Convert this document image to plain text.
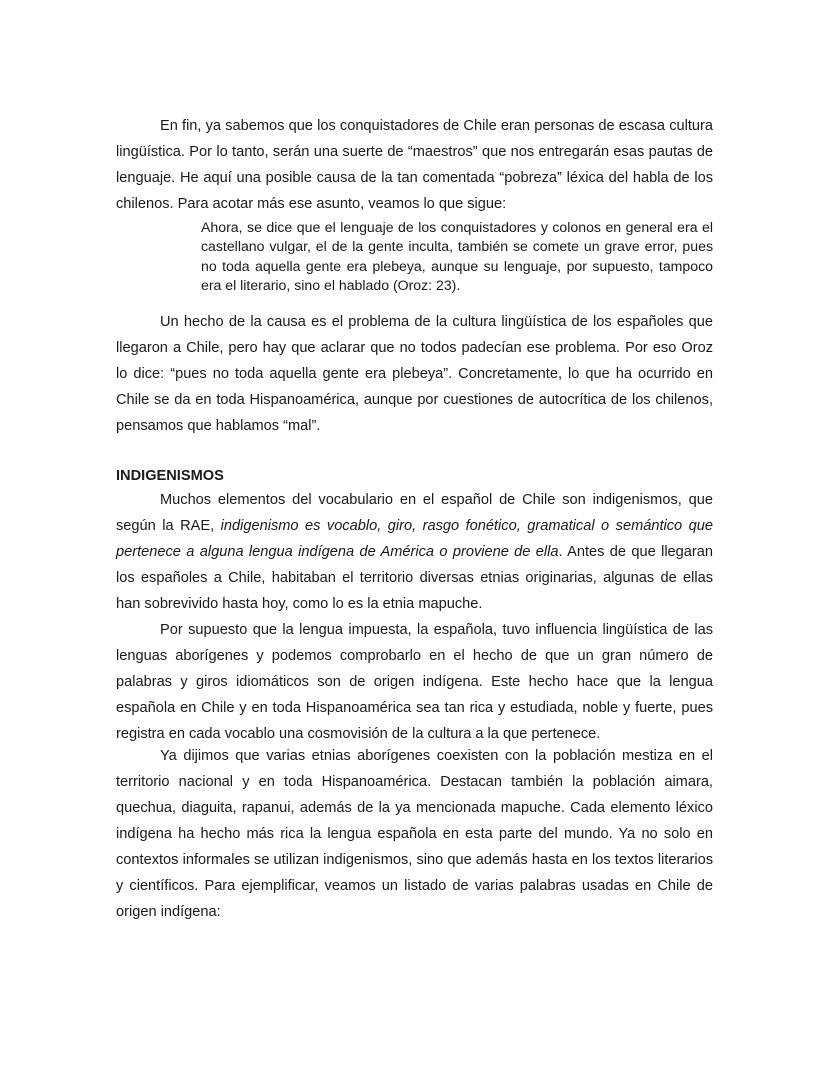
En fin, ya sabemos que los conquistadores de Chile eran personas de escasa cultura lingüística. Por lo tanto, serán una suerte de “maestros” que nos entregarán esas pautas de lenguaje. He aquí una posible causa de la tan comentada “pobreza” léxica del habla de los chilenos. Para acotar más ese asunto, veamos lo que sigue:

Ahora, se dice que el lenguaje de los conquistadores y colonos en general era el castellano vulgar, el de la gente inculta, también se comete un grave error, pues no toda aquella gente era plebeya, aunque su lenguaje, por supuesto, tampoco era el literario, sino el hablado (Oroz: 23).

Un hecho de la causa es el problema de la cultura lingüística de los españoles que llegaron a Chile, pero hay que aclarar que no todos padecían ese problema. Por eso Oroz lo dice: “pues no toda aquella gente era plebeya”. Concretamente, lo que ha ocurrido en Chile se da en toda Hispanoamérica, aunque por cuestiones de autocrítica de los chilenos, pensamos que hablamos “mal”.

INDIGENISMOS

Muchos elementos del vocabulario en el español de Chile son indigenismos, que según la RAE, indigenismo es vocablo, giro, rasgo fonético, gramatical o semántico que pertenece a alguna lengua indígena de América o proviene de ella. Antes de que llegaran los españoles a Chile, habitaban el territorio diversas etnias originarias, algunas de ellas han sobrevivido hasta hoy, como lo es la etnia mapuche.

Por supuesto que la lengua impuesta, la española, tuvo influencia lingüística de las lenguas aborígenes y podemos comprobarlo en el hecho de que un gran número de palabras y giros idiomáticos son de origen indígena. Este hecho hace que la lengua española en Chile y en toda Hispanoamérica sea tan rica y estudiada, noble y fuerte, pues registra en cada vocablo una cosmovisión de la cultura a la que pertenece.

Ya dijimos que varias etnias aborígenes coexisten con la población mestiza en el territorio nacional y en toda Hispanoamérica. Destacan también la población aimara, quechua, diaguita, rapanui, además de la ya mencionada mapuche. Cada elemento léxico indígena ha hecho más rica la lengua española en esta parte del mundo. Ya no solo en contextos informales se utilizan indigenismos, sino que además hasta en los textos literarios y científicos. Para ejemplificar, veamos un listado de varias palabras usadas en Chile de origen indígena:
